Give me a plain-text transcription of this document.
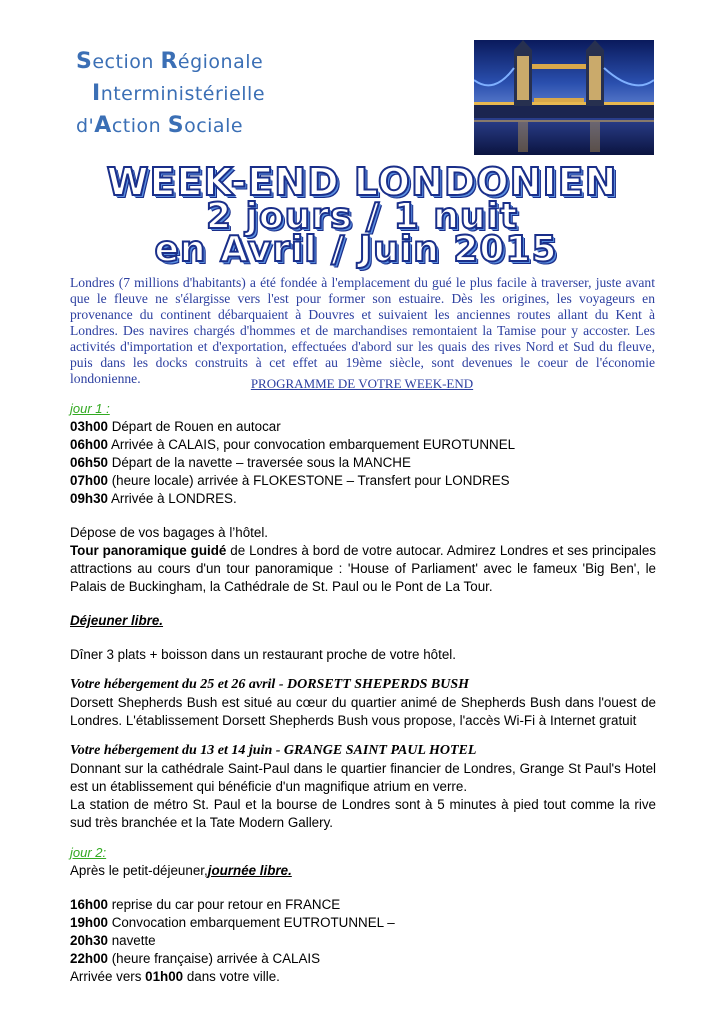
Section Régionale
Interministérielle
d'Action Sociale
WEEK-END LONDONIEN
2 jours / 1 nuit
en Avril / Juin 2015
Londres (7 millions d'habitants) a été fondée à l'emplacement du gué le plus facile à traverser, juste avant que le fleuve ne s'élargisse vers l'est pour former son estuaire. Dès les origines, les voyageurs en provenance du continent débarquaient à Douvres et suivaient les anciennes routes allant du Kent à Londres. Des navires chargés d'hommes et de marchandises remontaient la Tamise pour y accoster. Les activités d'importation et d'exportation, effectuées d'abord sur les quais des rives Nord et Sud du fleuve, puis dans les docks construits à cet effet au 19ème siècle, sont devenues le coeur de l'économie londonienne.	PROGRAMME DE VOTRE WEEK-END

jour 1 :

03h00 Départ de Rouen en autocar

06h00 Arrivée à CALAIS, pour convocation embarquement EUROTUNNEL

06h50 Départ de la navette – traversée sous la MANCHE

07h00 (heure locale) arrivée à FLOKESTONE – Transfert pour LONDRES

09h30 Arrivée à LONDRES.

Dépose de vos bagages à l’hôtel.

Tour panoramique guidé de Londres à bord de votre autocar. Admirez Londres et ses principales attractions au cours d'un tour panoramique : 'House of Parliament' avec le fameux 'Big Ben', le Palais de Buckingham, la Cathédrale de St. Paul ou le Pont de La Tour.

Déjeuner libre.

Dîner 3 plats + boisson dans un restaurant proche de votre hôtel.

Votre hébergement du 25 et 26 avril - DORSETT SHEPERDS BUSH

Dorsett Shepherds Bush est situé au cœur du quartier animé de Shepherds Bush dans l'ouest de Londres. L'établissement Dorsett Shepherds Bush vous propose, l'accès Wi-Fi à Internet gratuit

Votre hébergement du 13 et 14 juin - GRANGE SAINT PAUL HOTEL

Donnant sur la cathédrale Saint-Paul dans le quartier financier de Londres, Grange St Paul's Hotel est un établissement qui bénéficie d'un magnifique atrium en verre.

La station de métro St. Paul et la bourse de Londres sont à 5 minutes à pied tout comme la rive sud très branchée et la Tate Modern Gallery.

jour 2:

Après le petit-déjeuner,journée libre.

16h00 reprise du car pour retour en FRANCE

19h00 Convocation embarquement EUTROTUNNEL –

20h30 navette

22h00 (heure française) arrivée à CALAIS

Arrivée vers 01h00 dans votre ville.
